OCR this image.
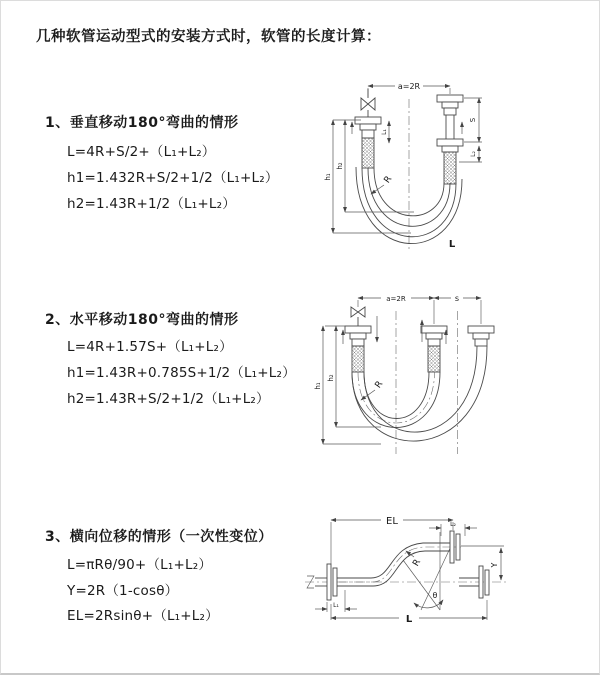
几种软管运动型式的安装方式时，软管的长度计算：
1、垂直移动180°弯曲的情形
L=4R+S/2+（L₁+L₂）
h1=1.432R+S/2+1/2（L₁+L₂）
h2=1.43R+1/2（L₁+L₂）
2、水平移动180°弯曲的情形
L=4R+1.57S+（L₁+L₂）
h1=1.43R+0.785S+1/2（L₁+L₂）
h2=1.43R+S/2+1/2（L₁+L₂）
3、横向位移的情形（一次性变位）
L=πRθ/90+（L₁+L₂）
Y=2R（1-cosθ）
EL=2Rsinθ+（L₁+L₂）
a=2R
h₁
h₂
L₁
S
L₂
R
L
a=2R	s
h₁
h₂
R
EL	L₂
θ
Y
R
L₁
L
